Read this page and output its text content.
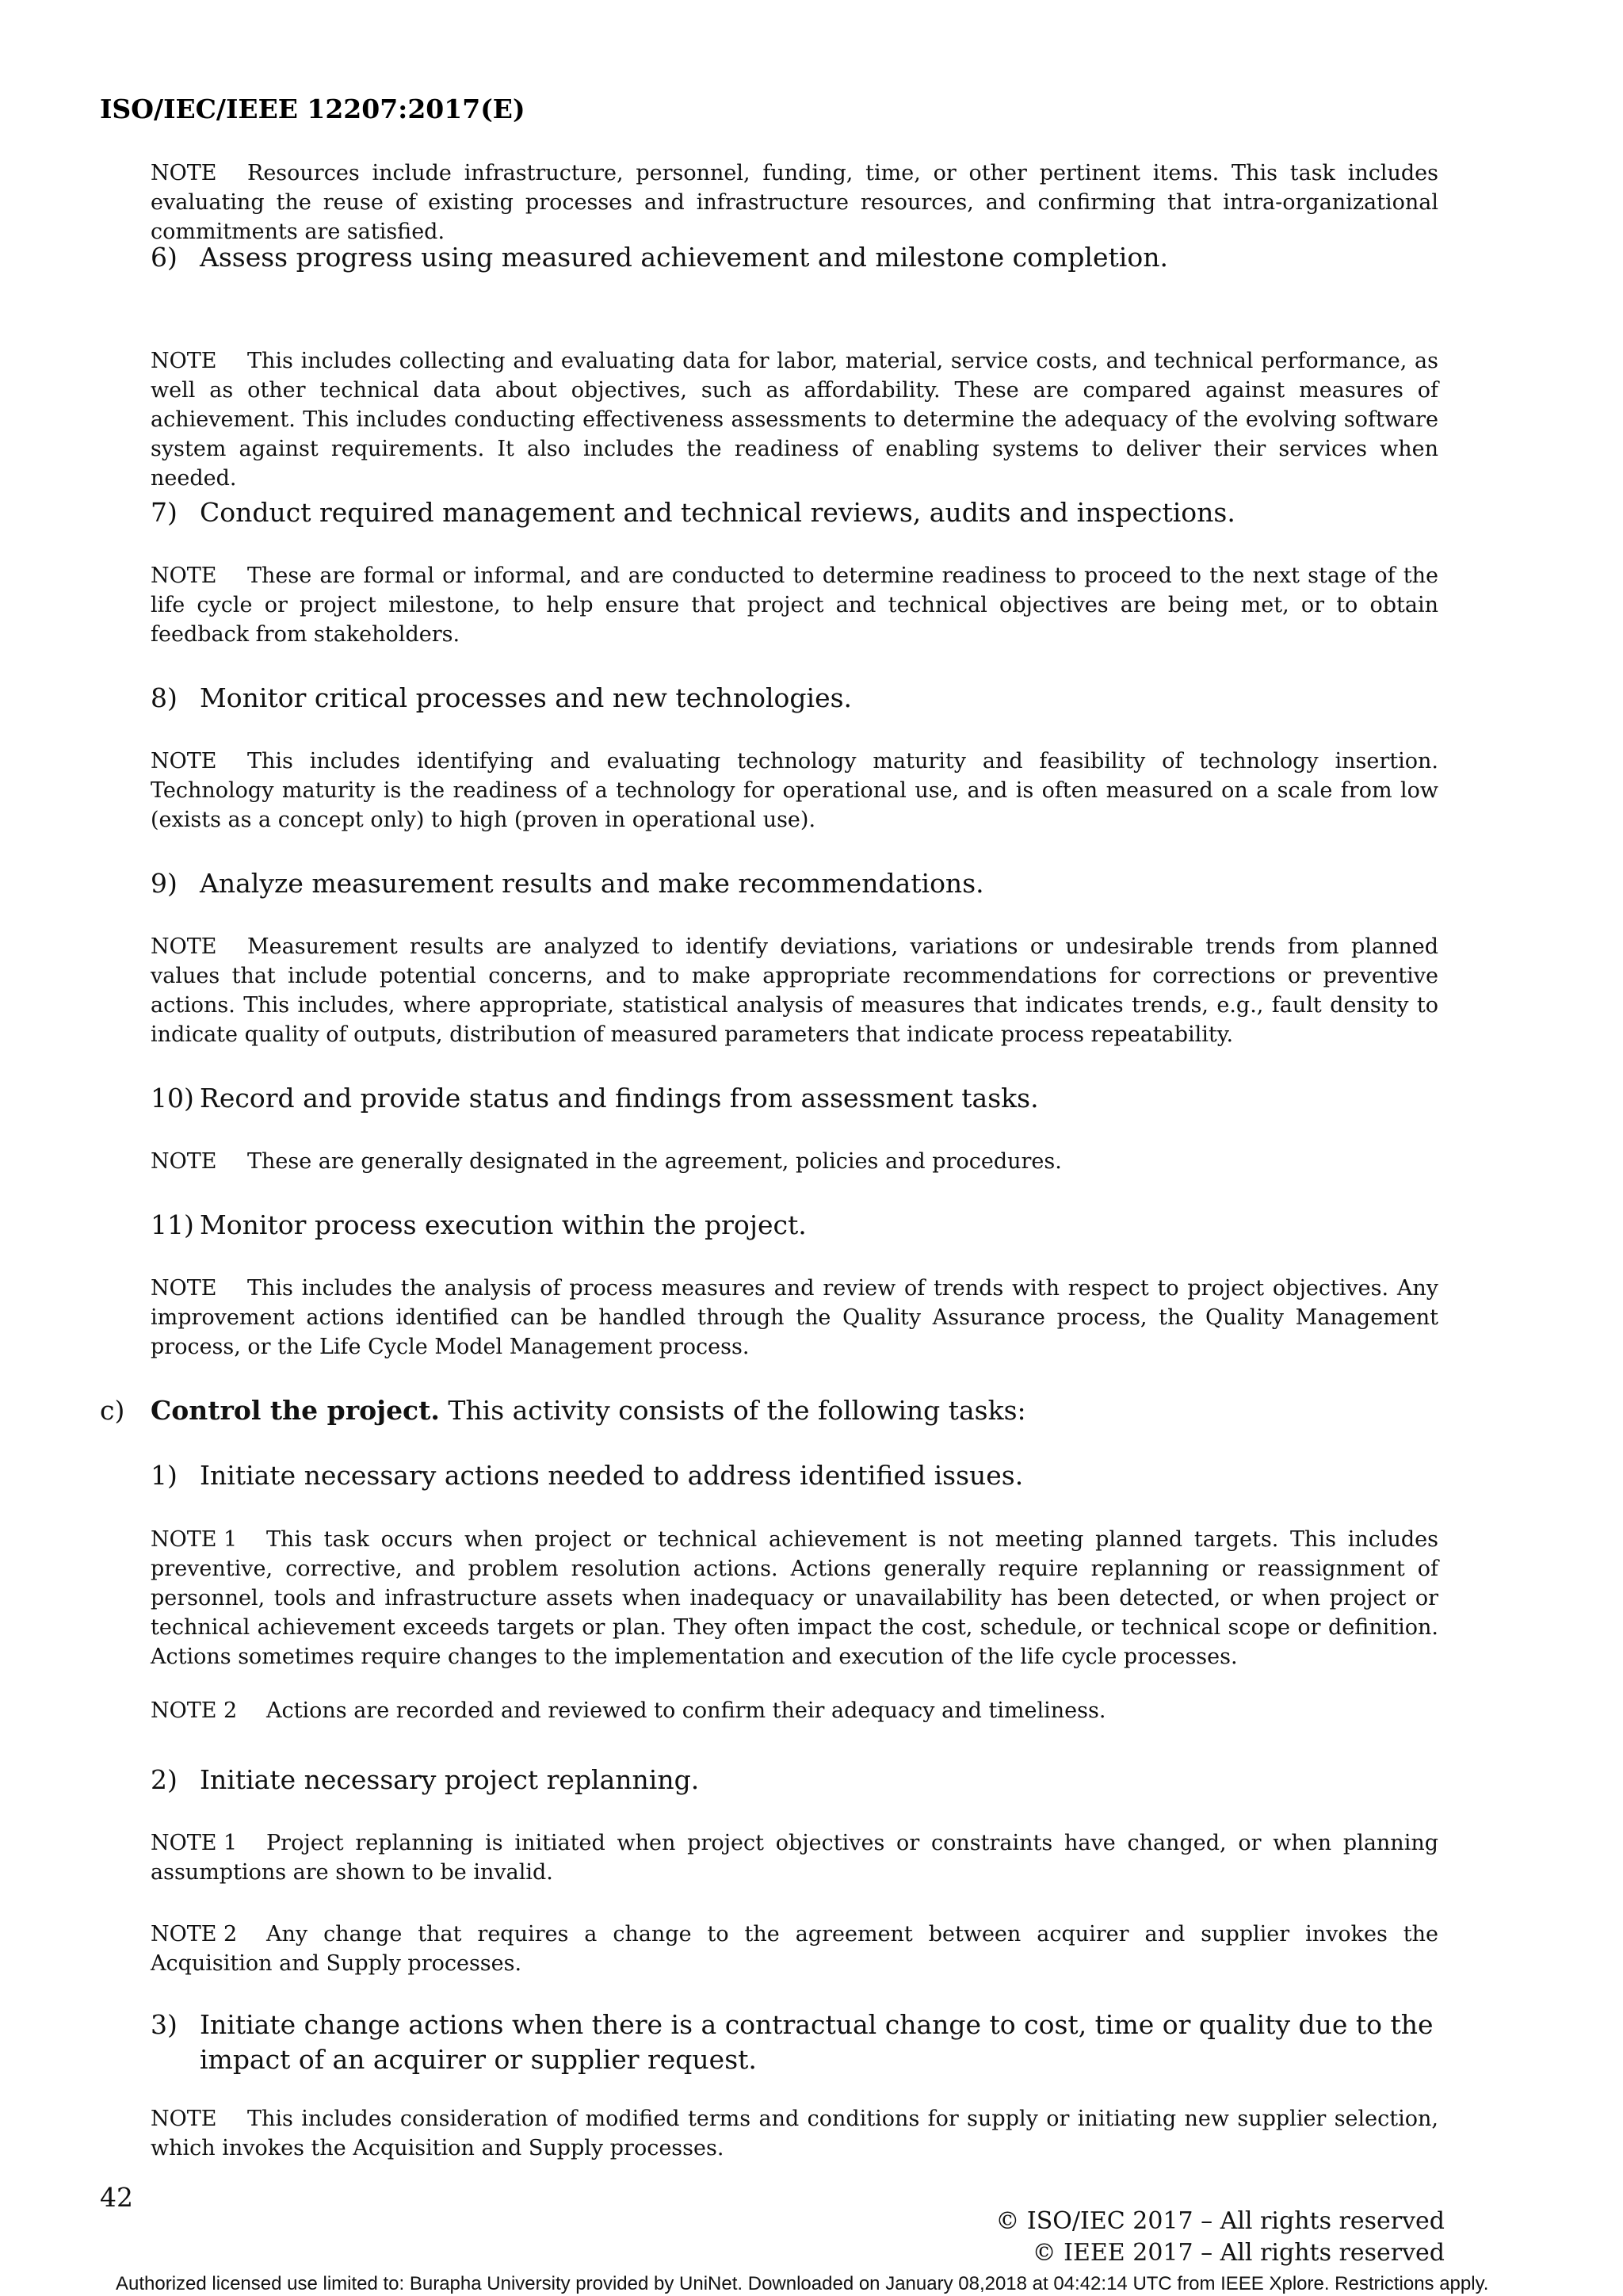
ISO/IEC/IEEE 12207:2017(E)
NOTE Resources include infrastructure, personnel, funding, time, or other pertinent items. This task includes evaluating the reuse of existing processes and infrastructure resources, and confirming that intra-organizational commitments are satisfied.
6) Assess progress using measured achievement and milestone completion.
NOTE This includes collecting and evaluating data for labor, material, service costs, and technical performance, as well as other technical data about objectives, such as affordability. These are compared against measures of achievement. This includes conducting effectiveness assessments to determine the adequacy of the evolving software system against requirements. It also includes the readiness of enabling systems to deliver their services when needed.
7) Conduct required management and technical reviews, audits and inspections.
NOTE These are formal or informal, and are conducted to determine readiness to proceed to the next stage of the life cycle or project milestone, to help ensure that project and technical objectives are being met, or to obtain feedback from stakeholders.
8) Monitor critical processes and new technologies.
NOTE This includes identifying and evaluating technology maturity and feasibility of technology insertion. Technology maturity is the readiness of a technology for operational use, and is often measured on a scale from low (exists as a concept only) to high (proven in operational use).
9) Analyze measurement results and make recommendations.
NOTE Measurement results are analyzed to identify deviations, variations or undesirable trends from planned values that include potential concerns, and to make appropriate recommendations for corrections or preventive actions. This includes, where appropriate, statistical analysis of measures that indicates trends, e.g., fault density to indicate quality of outputs, distribution of measured parameters that indicate process repeatability.
10) Record and provide status and findings from assessment tasks.
NOTE These are generally designated in the agreement, policies and procedures.
11) Monitor process execution within the project.
NOTE This includes the analysis of process measures and review of trends with respect to project objectives. Any improvement actions identified can be handled through the Quality Assurance process, the Quality Management process, or the Life Cycle Model Management process.
c) Control the project. This activity consists of the following tasks:
1) Initiate necessary actions needed to address identified issues.
NOTE 1 This task occurs when project or technical achievement is not meeting planned targets. This includes preventive, corrective, and problem resolution actions. Actions generally require replanning or reassignment of personnel, tools and infrastructure assets when inadequacy or unavailability has been detected, or when project or technical achievement exceeds targets or plan. They often impact the cost, schedule, or technical scope or definition. Actions sometimes require changes to the implementation and execution of the life cycle processes.
NOTE 2 Actions are recorded and reviewed to confirm their adequacy and timeliness.
2) Initiate necessary project replanning.
NOTE 1 Project replanning is initiated when project objectives or constraints have changed, or when planning assumptions are shown to be invalid.
NOTE 2 Any change that requires a change to the agreement between acquirer and supplier invokes the Acquisition and Supply processes.
3) Initiate change actions when there is a contractual change to cost, time or quality due to the impact of an acquirer or supplier request.
NOTE This includes consideration of modified terms and conditions for supply or initiating new supplier selection, which invokes the Acquisition and Supply processes.
42
© ISO/IEC 2017 – All rights reserved
© IEEE 2017 – All rights reserved
Authorized licensed use limited to: Burapha University provided by UniNet. Downloaded on January 08,2018 at 04:42:14 UTC from IEEE Xplore. Restrictions apply.
